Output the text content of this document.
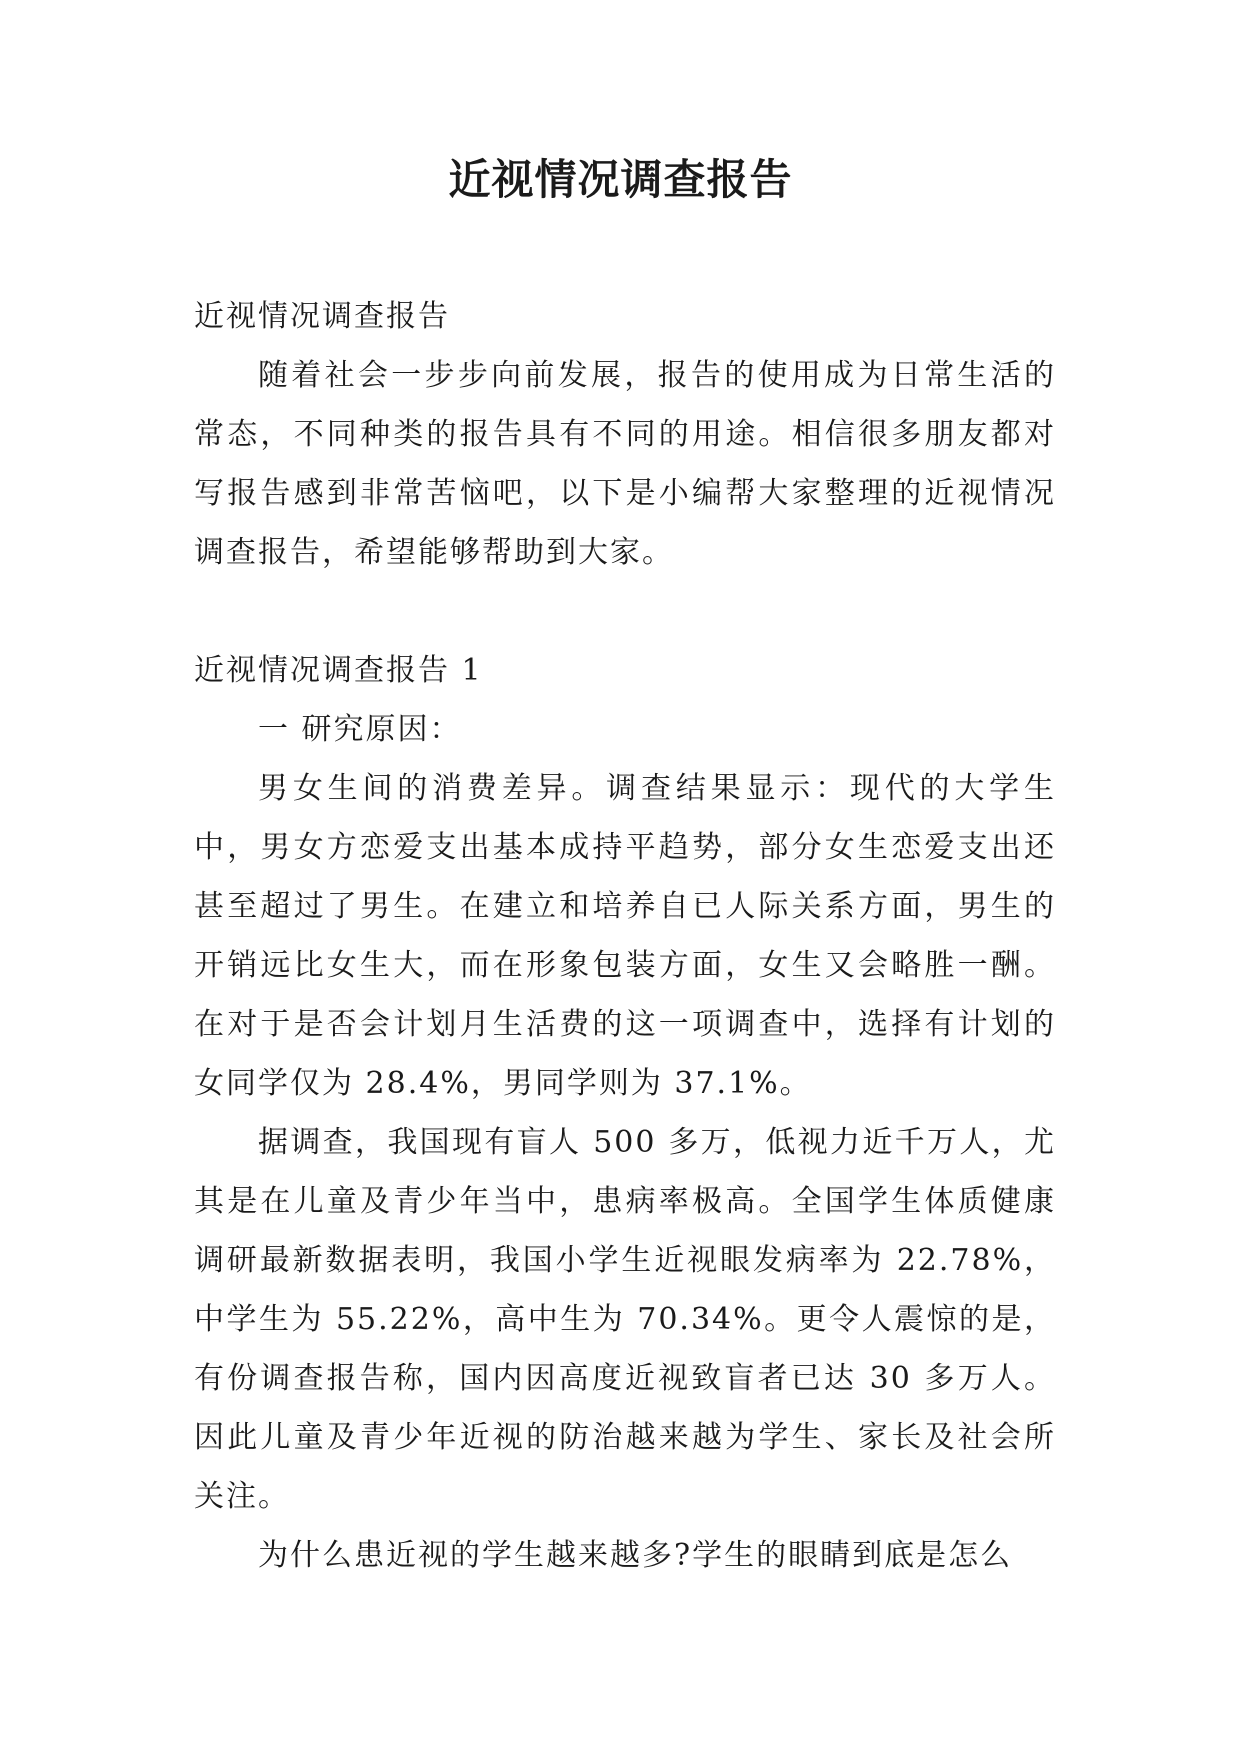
近视情况调查报告

近视情况调查报告

随着社会一步步向前发展，报告的使用成为日常生活的常态，不同种类的报告具有不同的用途。相信很多朋友都对写报告感到非常苦恼吧，以下是小编帮大家整理的近视情况调查报告，希望能够帮助到大家。

近视情况调查报告 1

一 研究原因：

男女生间的消费差异。调查结果显示：现代的大学生中，男女方恋爱支出基本成持平趋势，部分女生恋爱支出还甚至超过了男生。在建立和培养自已人际关系方面，男生的开销远比女生大，而在形象包装方面，女生又会略胜一酬。在对于是否会计划月生活费的这一项调查中，选择有计划的女同学仅为 28.4%，男同学则为 37.1%。

据调查，我国现有盲人 500 多万，低视力近千万人，尤其是在儿童及青少年当中，患病率极高。全国学生体质健康调研最新数据表明，我国小学生近视眼发病率为 22.78%，中学生为 55.22%，高中生为 70.34%。更令人震惊的是，有份调查报告称，国内因高度近视致盲者已达 30 多万人。因此儿童及青少年近视的防治越来越为学生、家长及社会所关注。

为什么患近视的学生越来越多?学生的眼睛到底是怎么
